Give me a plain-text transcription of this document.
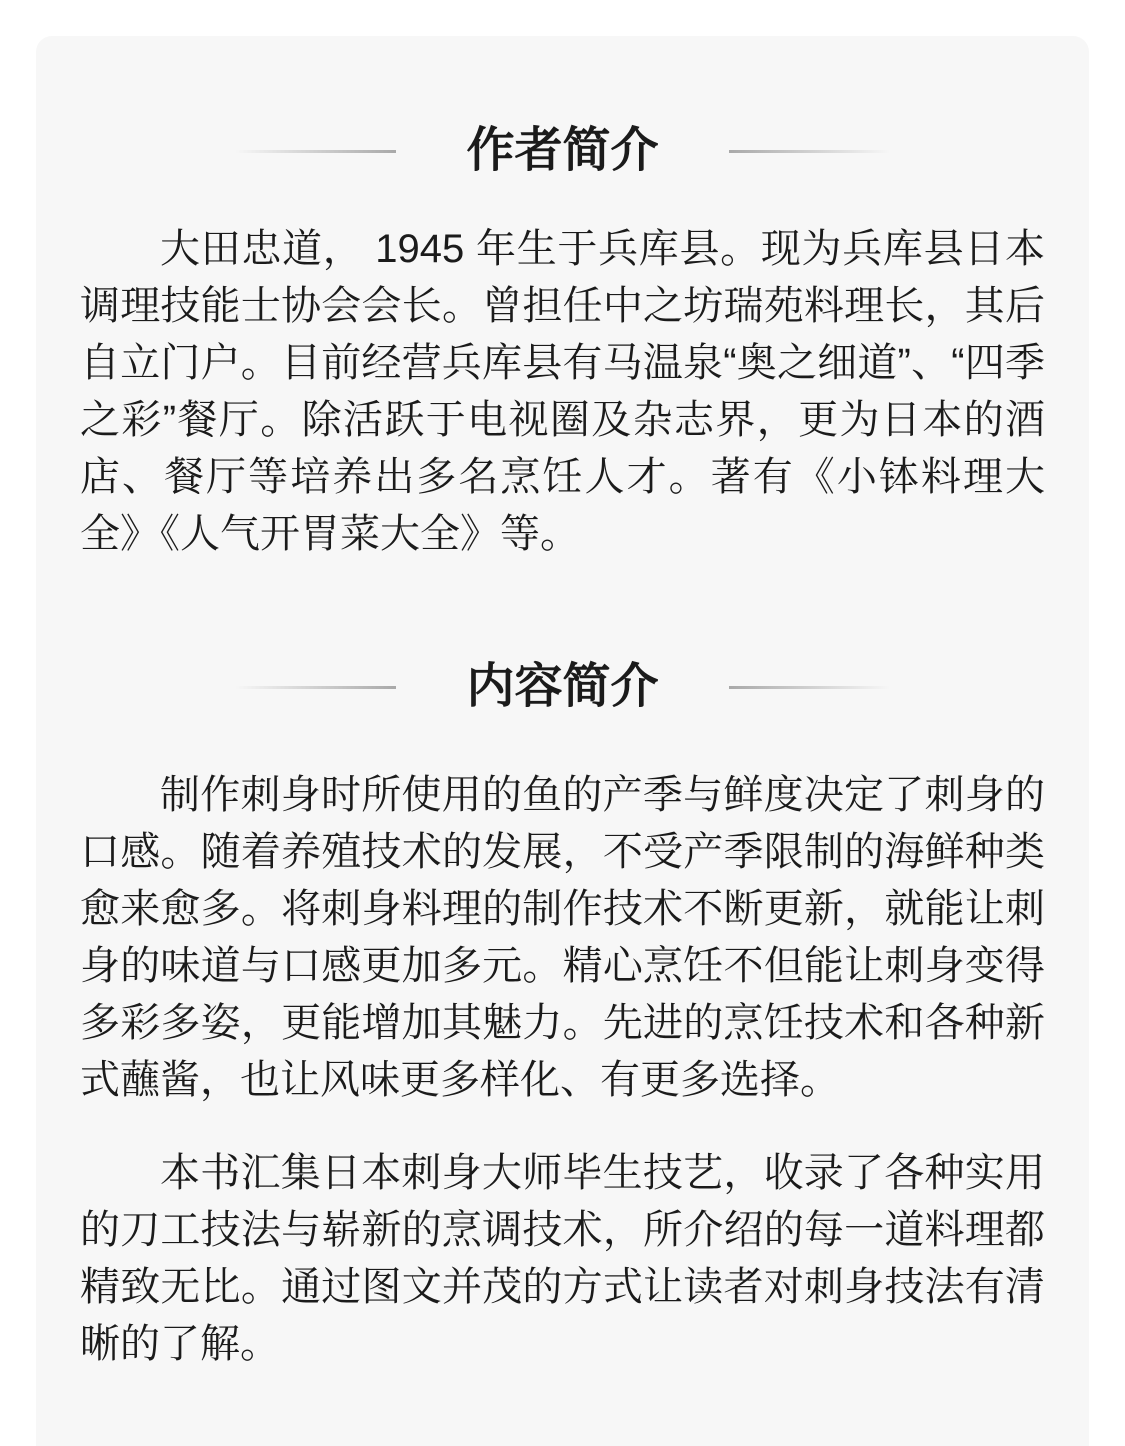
作者简介

大田忠道， 1945 年生于兵库县。现为兵库县日本调理技能士协会会长。曾担任中之坊瑞苑料理长，其后自立门户。目前经营兵库县有马温泉“奥之细道”、“四季之彩”餐厅。除活跃于电视圈及杂志界，更为日本的酒店、餐厅等培养出多名烹饪人才。著有《小钵料理大全》《人气开胃菜大全》等。

内容简介

制作刺身时所使用的鱼的产季与鲜度决定了刺身的口感。随着养殖技术的发展，不受产季限制的海鲜种类愈来愈多。将刺身料理的制作技术不断更新，就能让刺身的味道与口感更加多元。精心烹饪不但能让刺身变得多彩多姿，更能增加其魅力。先进的烹饪技术和各种新式蘸酱，也让风味更多样化、有更多选择。

本书汇集日本刺身大师毕生技艺，收录了各种实用的刀工技法与崭新的烹调技术，所介绍的每一道料理都精致无比。通过图文并茂的方式让读者对刺身技法有清晰的了解。
